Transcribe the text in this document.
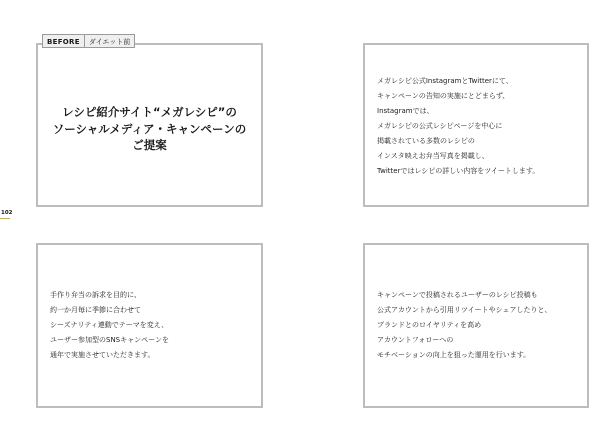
レシピ紹介サイト“メガレシピ”の
ソーシャルメディア・キャンペーンの
ご提案
BEFORE	ダイエット前

メガレシピ公式InstagramとTwitterにて、
キャンペーンの告知の実施にとどまらず、
Instagramでは、
メガレシピの公式レシピページを中心に
掲載されている多数のレシピの
インスタ映えお弁当写真を掲載し、
Twitterではレシピの詳しい内容をツイートします。

102

手作り弁当の訴求を目的に、
約一か月毎に季節に合わせて
シーズナリティ連動でテーマを変え、
ユーザー参加型のSNSキャンペーンを
通年で実施させていただきます。

キャンペーンで投稿されるユーザーのレシピ投稿も
公式アカウントから引用リツイートやシェアしたりと、
ブランドとのロイヤリティを高め
アカウントフォローへの
モチベーションの向上を狙った運用を行います。
